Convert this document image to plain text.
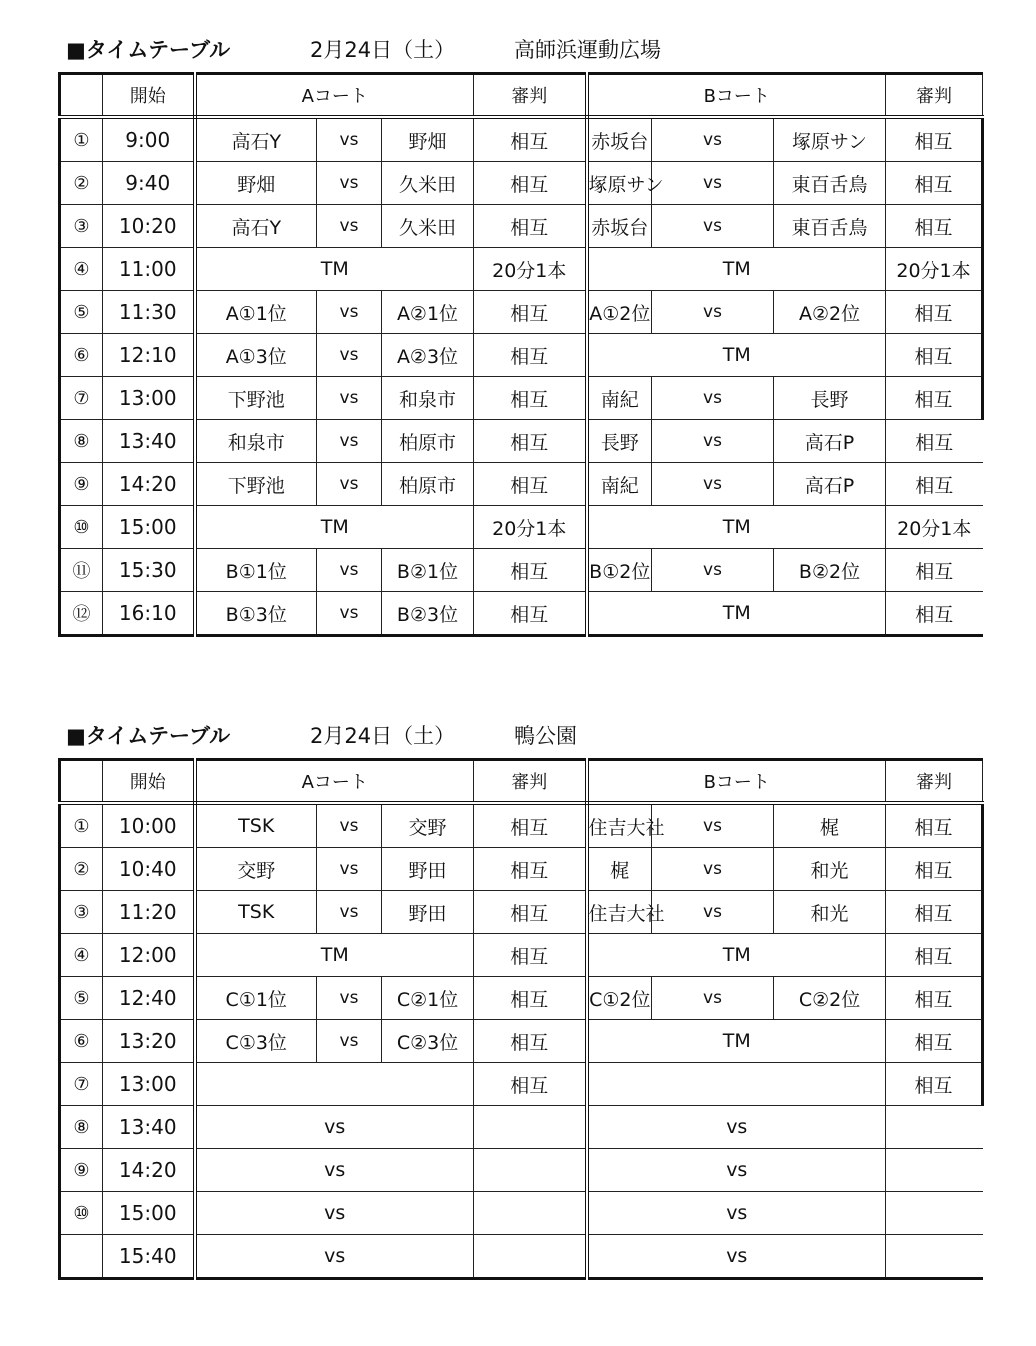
■タイムテーブル	2月24日（土）	高師浜運動広場
	開始	Aコート			審判	Bコート			審判
①	9:00	高石Y	vs	野畑	相互	赤坂台	vs	塚原サン	相互
②	9:40	野畑	vs	久米田	相互	塚原サン	vs	東百舌鳥	相互
③	10:20	高石Y	vs	久米田	相互	赤坂台	vs	東百舌鳥	相互
④	11:00	TM			20分1本	TM			20分1本
⑤	11:30	A①1位	vs	A②1位	相互	A①2位	vs	A②2位	相互
⑥	12:10	A①3位	vs	A②3位	相互	TM			相互
⑦	13:00	下野池	vs	和泉市	相互	南紀	vs	長野	相互
⑧	13:40	和泉市	vs	柏原市	相互	長野	vs	高石P	相互
⑨	14:20	下野池	vs	柏原市	相互	南紀	vs	高石P	相互
⑩	15:00	TM			20分1本	TM			20分1本
⑪	15:30	B①1位	vs	B②1位	相互	B①2位	vs	B②2位	相互
⑫	16:10	B①3位	vs	B②3位	相互	TM			相互
■タイムテーブル	2月24日（土）	鴨公園
	開始	Aコート			審判	Bコート			審判
①	10:00	TSK	vs	交野	相互	住吉大社	vs	梶	相互
②	10:40	交野	vs	野田	相互	梶	vs	和光	相互
③	11:20	TSK	vs	野田	相互	住吉大社	vs	和光	相互
④	12:00	TM			相互	TM			相互
⑤	12:40	C①1位	vs	C②1位	相互	C①2位	vs	C②2位	相互
⑥	13:20	C①3位	vs	C②3位	相互	TM			相互
⑦	13:00				相互				相互
⑧	13:40	vs				vs			
⑨	14:20	vs				vs			
⑩	15:00	vs				vs			
	15:40	vs				vs			
